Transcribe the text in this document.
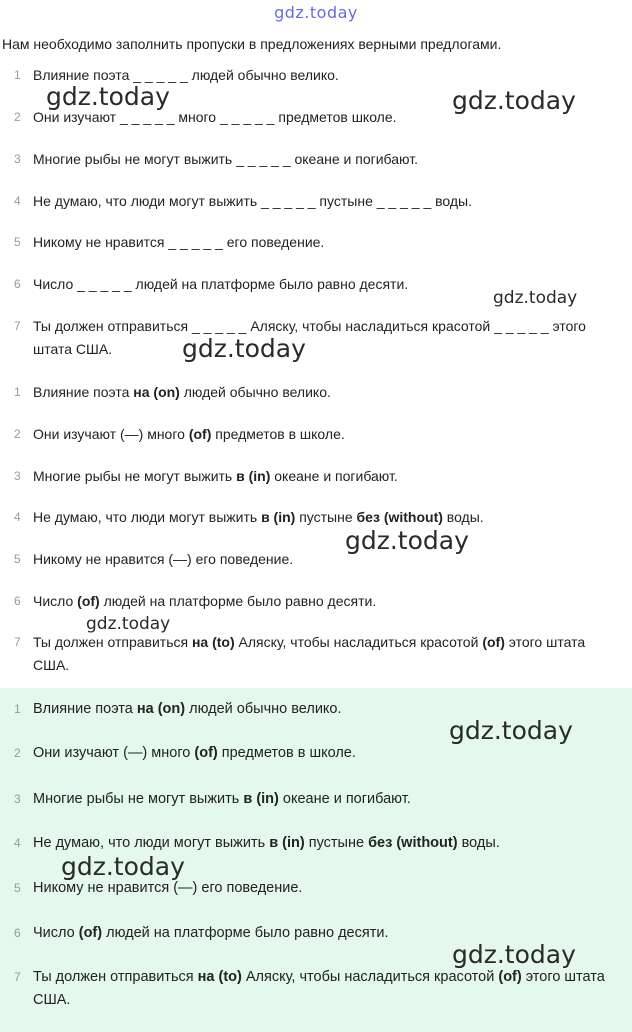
gdz.today
Нам необходимо заполнить пропуски в предложениях верными предлогами.
1 Влияние поэта _ _ _ _ _ людей обычно велико.
2 Они изучают _ _ _ _ _ много _ _ _ _ _ предметов школе.
3 Многие рыбы не могут выжить _ _ _ _ _ океане и погибают.
4 Не думаю, что люди могут выжить _ _ _ _ _ пустыне _ _ _ _ _ воды.
5 Никому не нравится _ _ _ _ _ его поведение.
6 Число _ _ _ _ _ людей на платформе было равно десяти.
7 Ты должен отправиться _ _ _ _ _ Аляску, чтобы насладиться красотой _ _ _ _ _ этого штата США.
1 Влияние поэта на (on) людей обычно велико.
2 Они изучают (—) много (of) предметов в школе.
3 Многие рыбы не могут выжить в (in) океане и погибают.
4 Не думаю, что люди могут выжить в (in) пустыне без (without) воды.
5 Никому не нравится (—) его поведение.
6 Число (of) людей на платформе было равно десяти.
7 Ты должен отправиться на (to) Аляску, чтобы насладиться красотой (of) этого штата США.
1 Влияние поэта на (on) людей обычно велико.
2 Они изучают (—) много (of) предметов в школе.
3 Многие рыбы не могут выжить в (in) океане и погибают.
4 Не думаю, что люди могут выжить в (in) пустыне без (without) воды.
5 Никому не нравится (—) его поведение.
6 Число (of) людей на платформе было равно десяти.
7 Ты должен отправиться на (to) Аляску, чтобы насладиться красотой (of) этого штата США.
gdz.today	gdz.today
gdz.today
gdz.today
gdz.today
gdz.today
gdz.today
gdz.today
gdz.today
